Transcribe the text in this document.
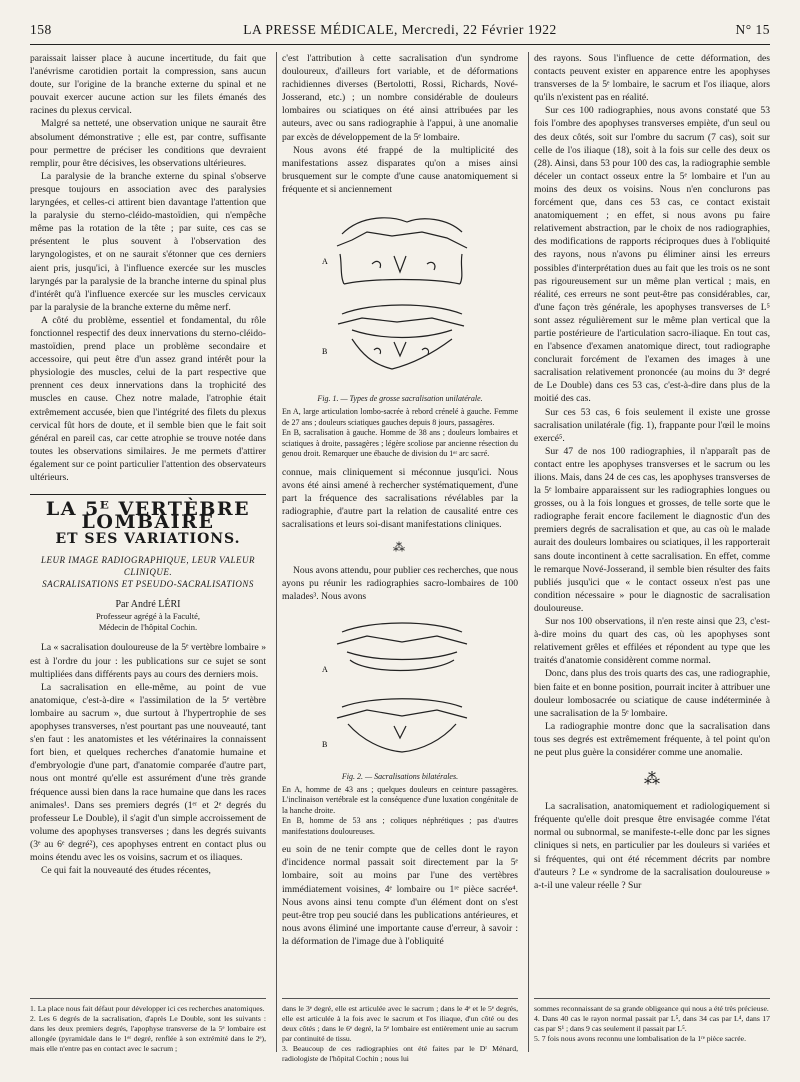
158	LA PRESSE MÉDICALE, Mercredi, 22 Février 1922	N° 15

paraissait laisser place à aucune incertitude, du fait que l'anévrisme carotidien portait la compression, sans aucun doute, sur l'origine de la branche externe du spinal et ne pouvait exercer aucune action sur les filets émanés des racines du plexus cervical.

Malgré sa netteté, une observation unique ne saurait être absolument démonstrative ; elle est, par contre, suffisante pour permettre de préciser les conditions que devraient remplir, pour être décisives, les observations ultérieures.

La paralysie de la branche externe du spinal s'observe presque toujours en association avec des paralysies laryngées, et celles-ci attirent bien davantage l'attention que la paralysie du sterno-cléido-mastoïdien, qui n'empêche même pas la rotation de la tête ; par suite, ces cas se présentent le plus souvent à l'observation des laryngologistes, et on ne saurait s'étonner que ces derniers aient pris, jusqu'ici, à l'influence exercée sur les muscles laryngés par la paralysie de la branche interne du spinal plus d'intérêt qu'à l'influence exercée sur les muscles cervicaux par la paralysie de la branche externe du même nerf.

A côté du problème, essentiel et fondamental, du rôle fonctionnel respectif des deux innervations du sterno-cléido-mastoïdien, prend place un problème secondaire et accessoire, qui peut être d'un assez grand intérêt pour la physiologie des muscles, celui de la part respective que prennent ces deux innervations dans la trophicité des muscles en cause. Chez notre malade, l'atrophie était extrêmement accusée, bien que l'intégrité des filets du plexus cervical fût hors de doute, et il semble bien que le fait soit général en pareil cas, car cette atrophie se trouve notée dans toutes les observations similaires. Je me permets d'attirer également sur ce point particulier l'attention des observateurs ultérieurs.

LA 5ᴱ VERTÈBRE LOMBAIRE
ET SES VARIATIONS.
LEUR IMAGE RADIOGRAPHIQUE, LEUR VALEUR CLINIQUE.
SACRALISATIONS ET PSEUDO-SACRALISATIONS
Par André LÉRI
Professeur agrégé à la Faculté,
Médecin de l'hôpital Cochin.

La « sacralisation douloureuse de la 5ᵉ vertèbre lombaire » est à l'ordre du jour : les publications sur ce sujet se sont multipliées dans différents pays au cours des derniers mois.

La sacralisation en elle-même, au point de vue anatomique, c'est-à-dire « l'assimilation de la 5ᵉ vertèbre lombaire au sacrum », due surtout à l'hypertrophie de ses apophyses transverses, n'est pourtant pas une nouveauté, tant s'en faut : les anatomistes et les vétérinaires la connaissent fort bien, et quelques recherches d'anatomie humaine et d'embryologie d'une part, d'anatomie comparée d'autre part, nous ont montré qu'elle est assurément d'une très grande fréquence aussi bien dans la race humaine que dans les races animales¹. Dans ses premiers degrés (1ᵉʳ et 2ᵉ degrés du professeur Le Double), il s'agit d'un simple accroissement de volume des apophyses transverses ; dans les degrés suivants (3ᵉ au 6ᵉ degré²), ces apophyses entrent en contact plus ou moins étendu avec les os voisins, sacrum et os iliaques.

Ce qui fait la nouveauté des études récentes,

c'est l'attribution à cette sacralisation d'un syndrome douloureux, d'ailleurs fort variable, et de déformations rachidiennes diverses (Bertolotti, Rossi, Richards, Nové-Josserand, etc.) ; un nombre considérable de douleurs lombaires ou sciatiques on été ainsi attribuées par les auteurs, avec ou sans radiographie à l'appui, à une anomalie par excès de développement de la 5ᵉ lombaire.

Nous avons été frappé de la multiplicité des manifestations assez disparates qu'on a mises ainsi brusquement sur le compte d'une cause anatomiquement si fréquente et si anciennement

A
B
Fig. 1. — Types de grosse sacralisation unilatérale.
En A, large articulation lombo-sacrée à rebord crénelé à gauche. Femme de 27 ans ; douleurs sciatiques gauches depuis 8 jours, passagères.
En B, sacralisation à gauche. Homme de 38 ans ; douleurs lombaires et sciatiques à droite, passagères ; légère scoliose par ancienne résection du genou droit. Remarquer une ébauche de division du 1ᵉʳ arc sacré.

connue, mais cliniquement si méconnue jusqu'ici. Nous avons été ainsi amené à rechercher systématiquement, d'une part la fréquence des sacralisations révélables par la radiographie, d'autre part la relation de causalité entre ces sacralisations et leurs soi-disant manifestations cliniques.

⁂

Nous avons attendu, pour publier ces recherches, que nous ayons pu réunir les radiographies sacro-lombaires de 100 malades³. Nous avons

A
B
Fig. 2. — Sacralisations bilatérales.
En A, homme de 43 ans ; quelques douleurs en ceinture passagères. L'inclinaison vertébrale est la conséquence d'une luxation congénitale de la hanche droite.
En B, homme de 53 ans ; coliques néphrétiques ; pas d'autres manifestations douloureuses.

eu soin de ne tenir compte que de celles dont le rayon d'incidence normal passait soit directement par la 5ᵉ lombaire, soit au moins par l'une des vertèbres immédiatement voisines, 4ᵉ lombaire ou 1ʳᵉ pièce sacrée⁴. Nous avons ainsi tenu compte d'un élément dont on s'est peut-être trop peu soucié dans les publications antérieures, et nous avons éliminé une importante cause d'erreur, à savoir : la déformation de l'image due à l'obliquité

des rayons. Sous l'influence de cette déformation, des contacts peuvent exister en apparence entre les apophyses transverses de la 5ᵉ lombaire, le sacrum et l'os iliaque, alors qu'ils n'existent pas en réalité.

Sur ces 100 radiographies, nous avons constaté que 53 fois l'ombre des apophyses transverses empiète, d'un seul ou des deux côtés, soit sur l'ombre du sacrum (7 cas), soit sur celle de l'os iliaque (18), soit à la fois sur celle des deux os (28). Ainsi, dans 53 pour 100 des cas, la radiographie semble déceler un contact osseux entre la 5ᵉ lombaire et l'un au moins des deux os voisins. Nous n'en conclurons pas forcément que, dans ces 53 cas, ce contact existait anatomiquement ; en effet, si nous avons pu faire relativement abstraction, par le choix de nos radiographies, des modifications de rapports réciproques dues à l'obliquité des rayons, nous n'avons pu éliminer ainsi les erreurs possibles d'interprétation dues au fait que les trois os ne sont pas rigoureusement sur un même plan vertical ; mais, en réalité, ces erreurs ne sont peut-être pas considérables, car, d'une façon très générale, les apophyses transverses de L⁵ sont assez régulièrement sur le même plan vertical que la partie postérieure de l'articulation sacro-iliaque. En tout cas, en l'absence d'examen anatomique direct, tout radiographe conclurait forcément de l'examen des images à une sacralisation relativement prononcée (au moins du 3ᵉ degré de Le Double) dans ces 53 cas, c'est-à-dire dans plus de la moitié des cas.

Sur ces 53 cas, 6 fois seulement il existe une grosse sacralisation unilatérale (fig. 1), frappante pour l'œil le moins exercé⁵.

Sur 47 de nos 100 radiographies, il n'apparaît pas de contact entre les apophyses transverses et le sacrum ou les ilions. Mais, dans 24 de ces cas, les apophyses transverses de la 5ᵉ lombaire apparaissent sur les radiographies longues ou grosses, ou à la fois longues et grosses, de telle sorte que le radiographe ferait encore facilement le diagnostic d'un des premiers degrés de sacralisation et que, au cas où le malade aurait des douleurs lombaires ou sciatiques, il les rapporterait sans doute incontinent à cette sacralisation. En effet, comme le remarque Nové-Josserand, il semble bien résulter des faits publiés jusqu'ici que « le contact osseux n'est pas une condition nécessaire » pour le diagnostic de sacralisation douloureuse.

Sur nos 100 observations, il n'en reste ainsi que 23, c'est-à-dire moins du quart des cas, où les apophyses sont relativement grêles et effilées et répondent au type que les traités d'anatomie considèrent comme normal.

Donc, dans plus des trois quarts des cas, une radiographie, bien faite et en bonne position, pourrait inciter à attribuer une douleur lombosacrée ou sciatique de cause indéterminée à une sacralisation de la 5ᵉ lombaire.

La radiographie montre donc que la sacralisation dans tous ses degrés est extrêmement fréquente, à tel point qu'on ne peut plus guère la considérer comme une anomalie.

⁂

La sacralisation, anatomiquement et radiologiquement si fréquente qu'elle doit presque être envisagée comme l'état normal ou subnormal, se manifeste-t-elle donc par les signes cliniques si nets, en particulier par les douleurs si variées et si fréquentes, qui ont été récemment décrits par nombre d'auteurs ? Le « syndrome de la sacralisation douloureuse » a-t-il une valeur réelle ? Sur

1. La place nous fait défaut pour développer ici ces recherches anatomiques.
2. Les 6 degrés de la sacralisation, d'après Le Double, sont les suivants : dans les deux premiers degrés, l'apophyse transverse de la 5ᵉ lombaire est allongée (pyramidale dans le 1ᵉʳ degré, renflée à son extrémité dans le 2ᵉ), mais elle n'entre pas en contact avec le sacrum ;
dans le 3ᵉ degré, elle est articulée avec le sacrum ; dans le 4ᵉ et le 5ᵉ degrés, elle est articulée à la fois avec le sacrum et l'os iliaque, d'un côté ou des deux côtés ; dans le 6ᵉ degré, la 5ᵉ lombaire est entièrement unie au sacrum par continuité de tissu.
3. Beaucoup de ces radiographies ont été faites par le Dʳ Ménard, radiologiste de l'hôpital Cochin ; nous lui
sommes reconnaissant de sa grande obligeance qui nous a été très précieuse.
4. Dans 40 cas le rayon normal passait par L⁵, dans 34 cas par L⁴, dans 17 cas par S¹ ; dans 9 cas seulement il passait par L⁵.
5. 7 fois nous avons reconnu une lombalisation de la 1ʳᵉ pièce sacrée.
